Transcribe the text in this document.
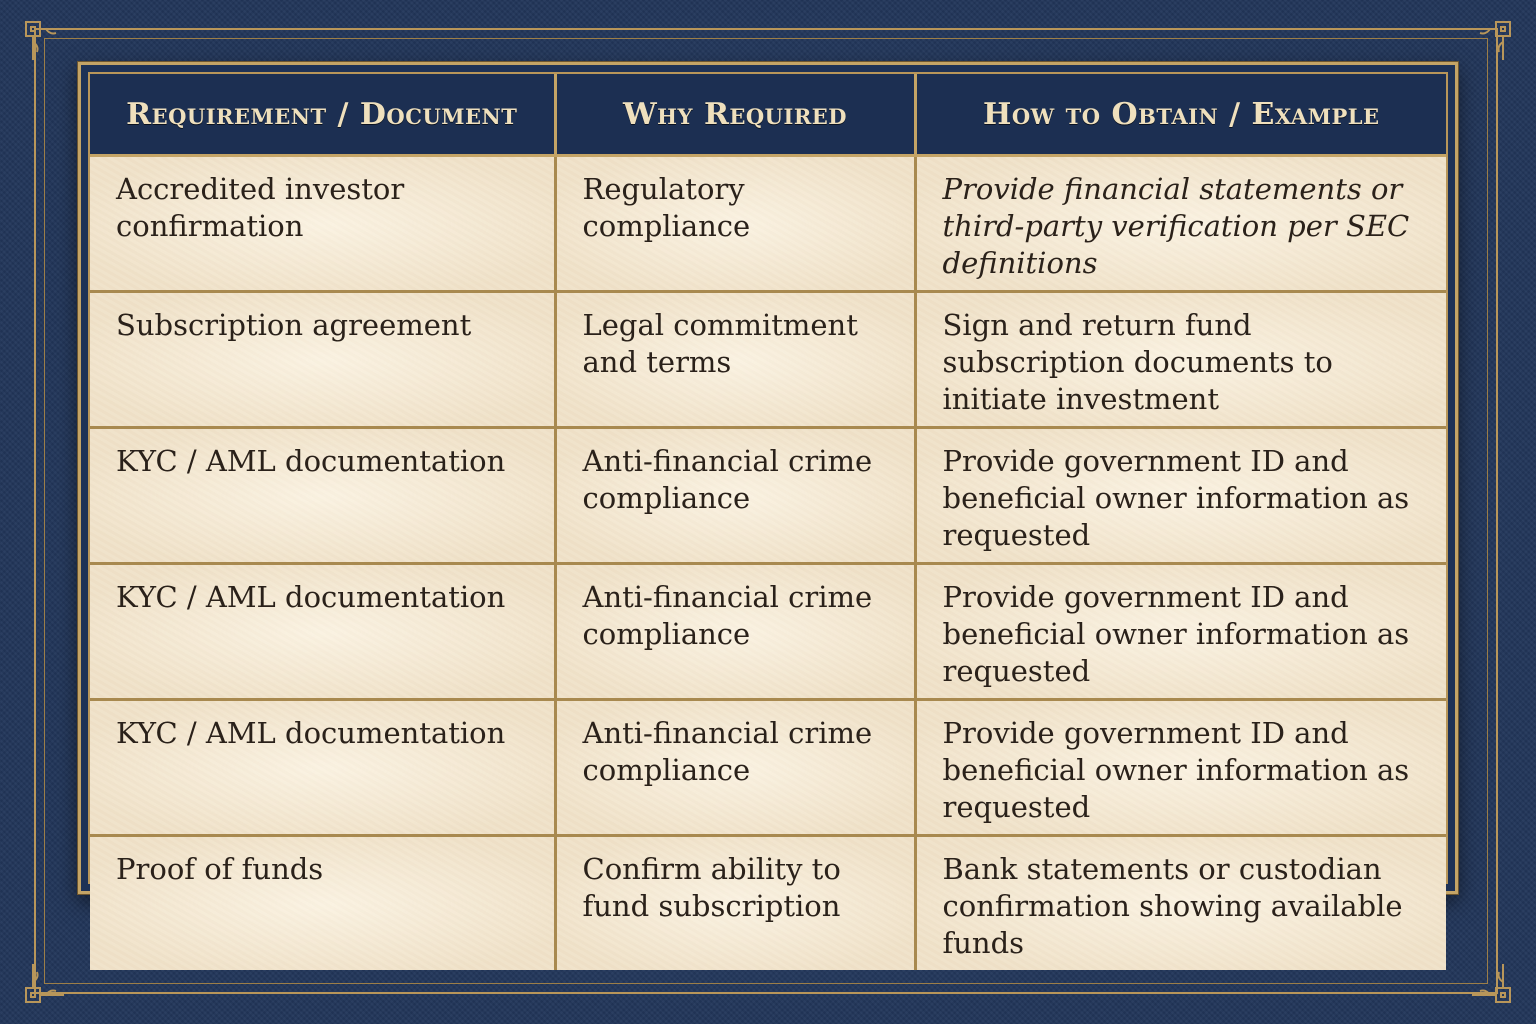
Requirement / Document	Why Required	How to Obtain / Example
Accredited investor confirmation	Regulatory compliance	Provide financial statements or third-party verification per SEC definitions
Subscription agreement	Legal commitment and terms	Sign and return fund subscription documents to initiate investment
KYC / AML documentation	Anti-financial crime compliance	Provide government ID and beneficial owner information as requested
KYC / AML documentation	Anti-financial crime compliance	Provide government ID and beneficial owner information as requested
KYC / AML documentation	Anti-financial crime compliance	Provide government ID and beneficial owner information as requested
Proof of funds	Confirm ability to fund subscription	Bank statements or custodian confirmation showing available funds
